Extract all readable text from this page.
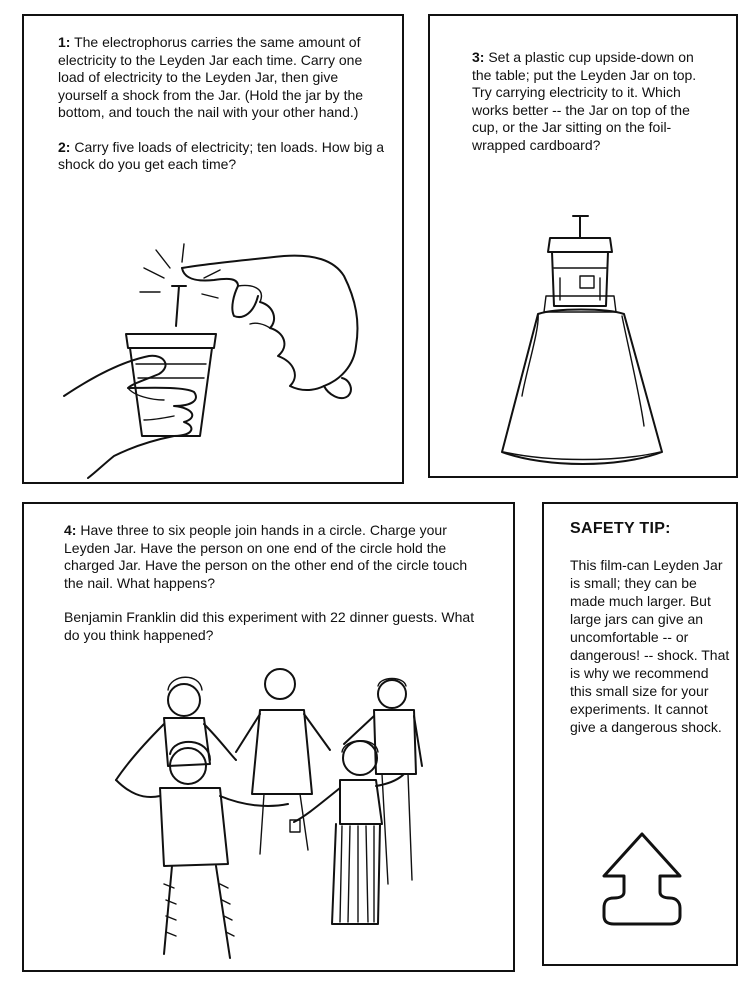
1: The electrophorus carries the same amount of electricity to the Leyden Jar each time. Carry one load of electricity to the Leyden Jar, then give yourself a shock from the Jar. (Hold the jar by the bottom, and touch the nail with your other hand.)

2: Carry five loads of electricity; ten loads. How big a shock do you get each time?

3: Set a plastic cup upside-down on the table; put the Leyden Jar on top. Try carrying electricity to it. Which works better -- the Jar on top of the cup, or the Jar sitting on the foil-wrapped cardboard?

4: Have three to six people join hands in a circle. Charge your Leyden Jar. Have the person on one end of the circle hold the charged Jar. Have the person on the other end of the circle touch the nail. What happens?

Benjamin Franklin did this experiment with 22 dinner guests. What do you think happened?

SAFETY TIP:
This film-can Leyden Jar is small; they can be made much larger. But large jars can give an uncomfortable -- or dangerous! -- shock. That is why we recommend this small size for your experiments. It cannot give a dangerous shock.
